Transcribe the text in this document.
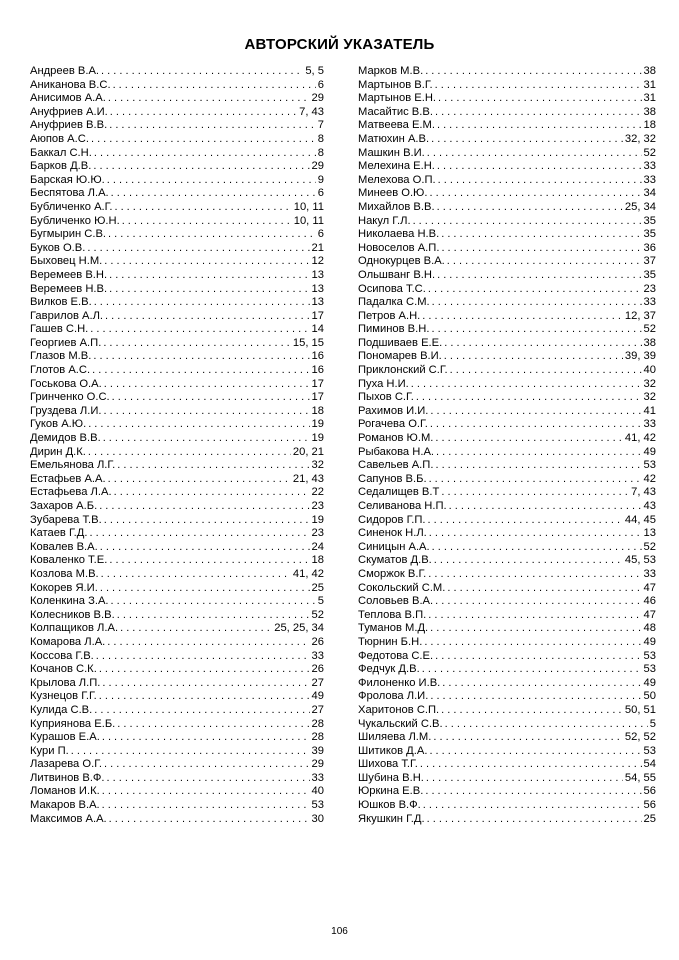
АВТОРСКИЙ УКАЗАТЕЛЬ
Андреев В.А. . . .	5, 5
Аниканова В.С. . . .	6
Анисимов А.А. . . .	29
Ануфриев А.И. . . .	7, 43
Ануфриев В.В. . . .	7
Аюпов А.С. . . .	8
Баккал С.Н. . . .	8
Барков Д.В. . . .	29
Барская Ю.Ю. . . .	9
Беспятова Л.А. . . .	6
Бубличенко А.Г. . . .	10, 11
Бубличенко Ю.Н. . . .	10, 11
Бугмырин С.В. . . .	6
Буков О.В. . . .	21
Быховец Н.М. . . .	12
Веремеев В.Н. . . .	13
Веремеев Н.В. . . .	13
Вилков Е.В. . . .	13
Гаврилов А.Л. . . .	17
Гашев С.Н. . . .	14
Георгиев А.П. . . .	15, 15
Глазов М.В. . . .	16
Глотов А.С. . . .	16
Госькова О.А. . . .	17
Гринченко О.С. . . .	17
Груздева Л.И. . . .	18
Гуков А.Ю. . . .	19
Демидов В.В. . . .	19
Дирин Д.К. . . .	20, 21
Емельянова Л.Г. . . .	32
Естафьев А.А. . . .	21, 43
Естафьева Л.А. . . .	22
Захаров А.Б. . . .	23
Зубарева Т.В. . . .	19
Катаев Г.Д. . . .	23
Ковалев В.А. . . .	24
Коваленко Т.Е. . . .	18
Козлова М.В. . . .	41, 42
Кокорев Я.И. . . .	25
Коленкина З.А. . . .	5
Колесников В.В. . . .	52
Колпащиков Л.А. . . .	25, 25, 34
Комарова Л.А. . . .	26
Коссова Г.В. . . .	33
Кочанов С.К. . . .	26
Крылова Л.П. . . .	27
Кузнецов Г.Г. . . .	49
Кулида С.В. . . .	27
Куприянова Е.Б. . . .	28
Курашов Е.А. . . .	28
Кури П. . . .	39
Лазарева О.Г. . . .	29
Литвинов В.Ф. . . .	33
Ломанов И.К. . . .	40
Макаров В.А. . . .	53
Максимов А.А. . . .	30
Марков М.В. . . .	38
Мартынов В.Г. . . .	31
Мартынов Е.Н. . . .	31
Масайтис В.В. . . .	38
Матвеева Е.М. . . .	18
Матюхин А.В. . . .	32, 32
Машкин В.И. . . .	52
Мелехина Е.Н. . . .	33
Мелехова О.П. . . .	33
Минеев О.Ю. . . .	34
Михайлов В.В. . . .	25, 34
Накул Г.Л. . . .	35
Николаева Н.В. . . .	35
Новоселов А.П. . . .	36
Однокурцев В.А. . . .	37
Ольшванг В.Н. . . .	35
Осипова Т.С. . . .	23
Падалка С.М. . . .	33
Петров А.Н. . . .	12, 37
Пиминов В.Н. . . .	52
Подшиваев Е.Е. . . .	38
Пономарев В.И. . . .	39, 39
Приклонский С.Г. . . .	40
Пуха Н.И. . . .	32
Пыхов С.Г. . . .	32
Рахимов И.И. . . .	41
Рогачева О.Г. . . .	33
Романов Ю.М. . . .	41, 42
Рыбакова Н.А. . . .	49
Савельев А.П. . . .	53
Сапунов В.Б. . . .	42
Седалищев В.Т . . .	7, 43
Селиванова Н.П. . . .	43
Сидоров Г.П. . . .	44, 45
Синенок Н.Л. . . .	13
Синицын А.А. . . .	52
Скуматов Д.В. . . .	45, 53
Сморжок В.Г. . . .	33
Сокольский С.М. . . .	47
Соловьев В.А. . . .	46
Теплова В.П. . . .	47
Туманов М.Д. . . .	48
Тюрнин Б.Н. . . .	49
Федотова С.Е. . . .	53
Федчук Д.В. . . .	53
Филоненко И.В. . . .	49
Фролова Л.И. . . .	50
Харитонов С.П. . . .	50, 51
Чукальский С.В. . . .	5
Шиляева Л.М. . . .	52, 52
Шитиков Д.А. . . .	53
Шихова Т.Г. . . .	54
Шубина В.Н. . . .	54, 55
Юркина Е.В. . . .	56
Юшков В.Ф. . . .	56
Якушкин Г.Д. . . .	25
106
